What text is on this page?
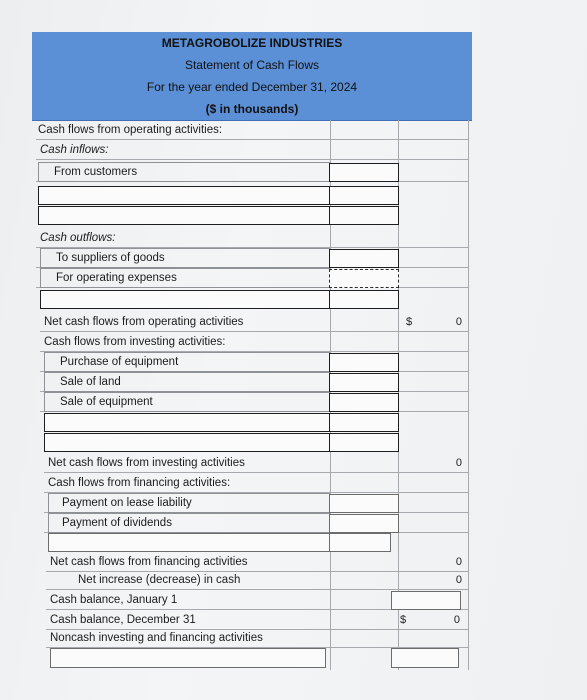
METAGROBOLIZE INDUSTRIES
Statement of Cash Flows
For the year ended December 31, 2024
($ in thousands)
Cash flows from operating activities:
Cash inflows:
From customers
Cash outflows:
To suppliers of goods
For operating expenses
Net cash flows from operating activities	$	0
Cash flows from investing activities:
Purchase of equipment
Sale of land
Sale of equipment
Net cash flows from investing activities	0
Cash flows from financing activities:
Payment on lease liability
Payment of dividends
Net cash flows from financing activities	0
Net increase (decrease) in cash	0
Cash balance, January 1
Cash balance, December 31	$	0
Noncash investing and financing activities
